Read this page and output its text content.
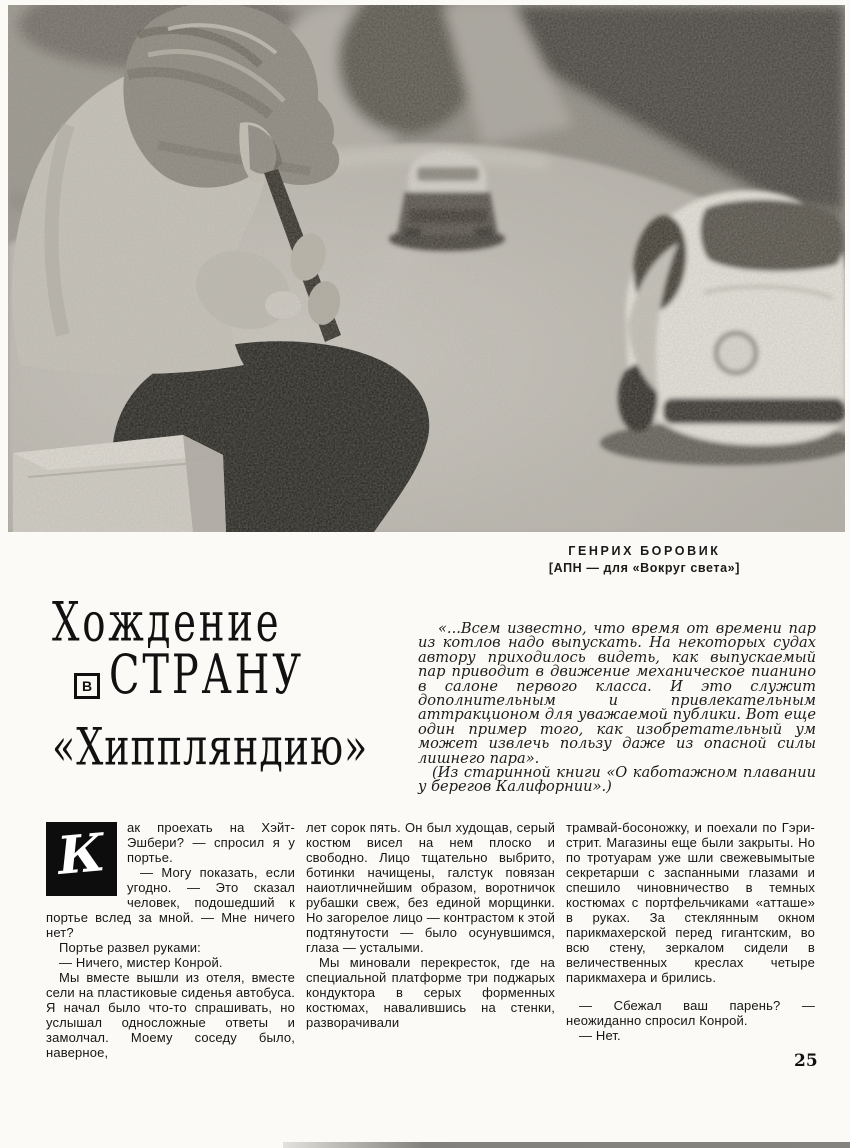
ГЕНРИХ БОРОВИК
[АПН — для «Вокруг света»]
Хождение
В СТРАНУ
«Хиппляндию»

«...Всем известно, что время от времени пар из котлов надо выпускать. На некоторых судах автору приходилось видеть, как выпускаемый пар приводит в движение механическое пианино в салоне первого класса. И это служит дополнительным и привлекательным аттракционом для уважаемой публики. Вот еще один пример того, как изобретательный ум может извлечь пользу даже из опасной силы лишнего пара».

(Из старинной книги «О каботажном плавании у берегов Калифорнии».)

К	ак проехать на Хэйт-Эшбери? — спросил я у портье.

— Могу показать, если угодно. — Это сказал человек, подошедший к портье вслед за мной. — Мне ничего нет?

Портье развел руками:

— Ничего, мистер Конрой.

Мы вместе вышли из отеля, вместе сели на пластиковые сиденья автобуса. Я начал было что-то спрашивать, но услышал односложные ответы и замолчал. Моему соседу было, наверное,

лет сорок пять. Он был худощав, серый костюм висел на нем плоско и свободно. Лицо тщательно выбрито, ботинки начищены, галстук повязан наиотличнейшим образом, воротничок рубашки свеж, без единой морщинки. Но загорелое лицо — контрастом к этой подтянутости — было осунувшимся, глаза — усталыми.

Мы миновали перекресток, где на специальной платформе три поджарых кондуктора в серых форменных костюмах, навалившись на стенки, разворачивали

трамвай-босоножку, и поехали по Гэри-стрит. Магазины еще были закрыты. Но по тротуарам уже шли свежевымытые секретарши с заспанными глазами и спешило чиновничество в темных костюмах с портфельчиками «атташе» в руках. За стеклянным окном парикмахерской перед гигантским, во всю стену, зеркалом сидели в величественных креслах четыре парикмахера и брились.

— Сбежал ваш парень? — неожиданно спросил Конрой.

— Нет.

25
